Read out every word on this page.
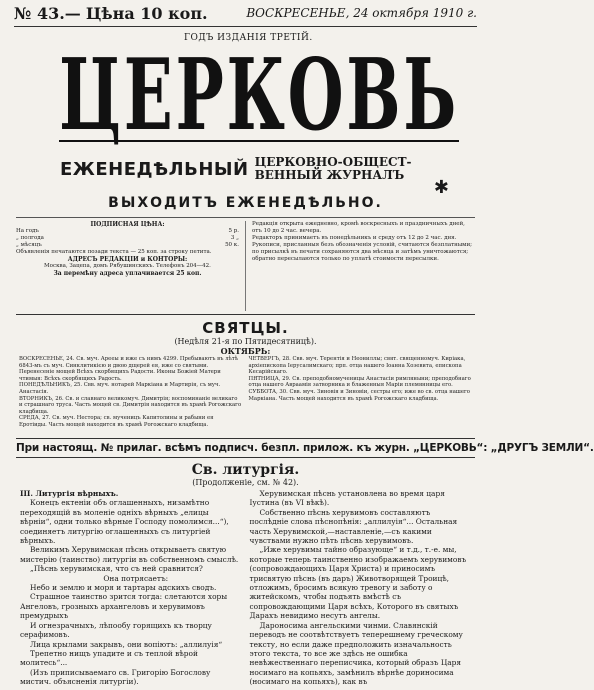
№ 43.— Цѣна 10 коп.	ВОСКРЕСЕНЬЕ, 24 октября 1910 г.
ГОДЪ ИЗДАНІЯ ТРЕТІЙ.
ЦЕРКОВЬ
ЕЖЕНЕДѢЛЬНЫЙ ЦЕРКОВНО-ОБЩЕСТ-
ВЕННЫЙ ЖУРНАЛЪ
✱
ВЫХОДИТЪ ЕЖЕНЕДѢЛЬНО.
ПОДПИСНАЯ ЦѢНА:
На годъ	5 р.
„ полгода	3 „
„ мѣсяцъ	50 к.
Объявленія печатаются позади текста — 25 коп. за строку петита.
АДРЕСЪ РЕДАКЦІИ и КОНТОРЫ:
Москва, Зацепа, домъ Рябушинскихъ. Телефонъ 204—42.
За перемѣну адреса уплачивается 25 коп.
Редакція открыта ежедневно, кромѣ воскресныхъ и праздничныхъ дней, отъ 10 до 2 час. вечера.
Редакторъ принимаетъ въ понедѣльникъ и среду отъ 12 до 2 час. дня.
Рукописи, присланныя безъ обозначенія условій, считаются безплатными; по присылкѣ въ печати сохраняются два мѣсяца и затѣмъ уничтожаются; обратно пересылаются только по уплатѣ стоимости пересылки.
СВЯТЦЫ.
(Недѣля 21-я по Пятидесятницѣ).
ОКТЯБРЬ:
ВОСКРЕСЕНЬЕ, 24. Св. муч. Арееы и иже съ нимъ 4299. Пребываютъ въ лѣтѣ 6843-мъ съ муч. Синклитикією и двою дщерей ея, иже со святыми. Перенесеніе мощей Всѣхъ скорбящихъ Радости. Иконы Божіей Матери чтимыя: Всѣхъ скорбящихъ Радость.
ПОНЕДѢЛЬНИКЪ, 25. Свв. муч. нотарей Маркіана и Мартирія, съ муч. Анастасія.
ВТОРНИКЪ, 26. Св. и славнаго великомуч. Димитрія; воспоминаніе великаго и страшнаго труса. Часть мощей св. Димитрія находится въ храмѣ Рогожскаго кладбища.
СРЕДА, 27. Св. муч. Нестора; св. мученицъ Капитолины и рабыни ея Еротіиды. Часть мощей находится въ храмѣ Рогожскаго кладбища.
ЧЕТВЕРГЪ, 28. Свв. муч. Терентія и Неониллы; свят. священномуч. Киріака, архіепископа Іерусалимскаго; прп. отца нашего Іоанна Хозевита, епископа Кесарійскаго.
ПЯТНИЦА, 29. Св. преподобномученицы Анастасіи римляныни; преподобнаго отца нашего Авраамія затворника и блаженныя Маріи племянницы его.
СУББОТА, 30. Свв. муч. Зиновія и Зиновіи, сестры его; иже во св. отца нашего Маркіана. Часть мощей находится въ храмѣ Рогожскаго кладбища.
При настоящ. № прилаг. всѣмъ подписч. безпл. прилож. къ журн. „ЦЕРКОВЬ“: „ДРУГЪ ЗЕМЛИ“.
Св. литургія.
(Продолженіе, см. № 42).
III. Литургія вѣрныхъ.

Конецъ ектеніи объ оглашенныхъ, низамѣтно переходящій въ моленіе одніхъ вѣрныхъ „елицы вѣрніи“, одни только вѣрные Господу помолимся...“), соединяетъ литургію оглашенныхъ съ литургіей вѣрныхъ.

Великимъ Херувимская пѣснь открываетъ святую мистерію (таинство) литургіи въ собственномъ смыслѣ.

„Пѣснь херувимская, что съ ней сравнится?

Она потрясаетъ:

Небо и землю и моря и тартары адскихъ сводъ.

Страшное таинство зрится тогда: слетаются хоры Ангеловъ, грозныхъ архангеловъ и херувимовъ премудрыхъ

И огнезрачныхъ, лѣпообу горящихъ къ творцу серафимовъ.

Лица крылами закрывъ, они вопіютъ: „аллилуія“

Трепетно нищъ упадите и съ теплой вѣрой молитесь“...

(Изъ приписываемаго св. Григорію Богослову мистич. объясненія литургіи).

Херувимская пѣснь установлена во время царя Іустина (въ VI вѣкѣ).

Собственно пѣснь херувимовъ составляютъ послѣдніе слова пѣснопѣнія: „аллилуія“... Остальная часть Херувимской,—наставленіе,—съ какими чувствами нужно пѣть пѣснь херувимовъ.

„Иже херувимы тайно образующе“ и т.д., т.-е. мы, которые теперь таинственно изображаемъ херувимовъ (сопровождающихъ Царя Христа) и приносимъ трисвятую пѣснь (въ даръ) Животворящей Троицѣ, отложимъ, бросимъ всякую тревогу и заботу о житейскомъ, чтобы подъять вмѣстѣ съ сопровождающими Царя всѣхъ, Которого въ святыхъ Дарахъ невидимо несутъ ангелы.

Дароносима ангельскими чинми. Славянскій переводъ не соотвѣтствуетъ теперешнему греческому тексту, но если даже предположить изначальность этого текста, то все же здѣсь не ошибка невѣжественнаго переписчика, который образъ Царя носимаго на копьяхъ, замѣнилъ вѣрнѣе дориносима (носимаго на копьяхъ), как въ
